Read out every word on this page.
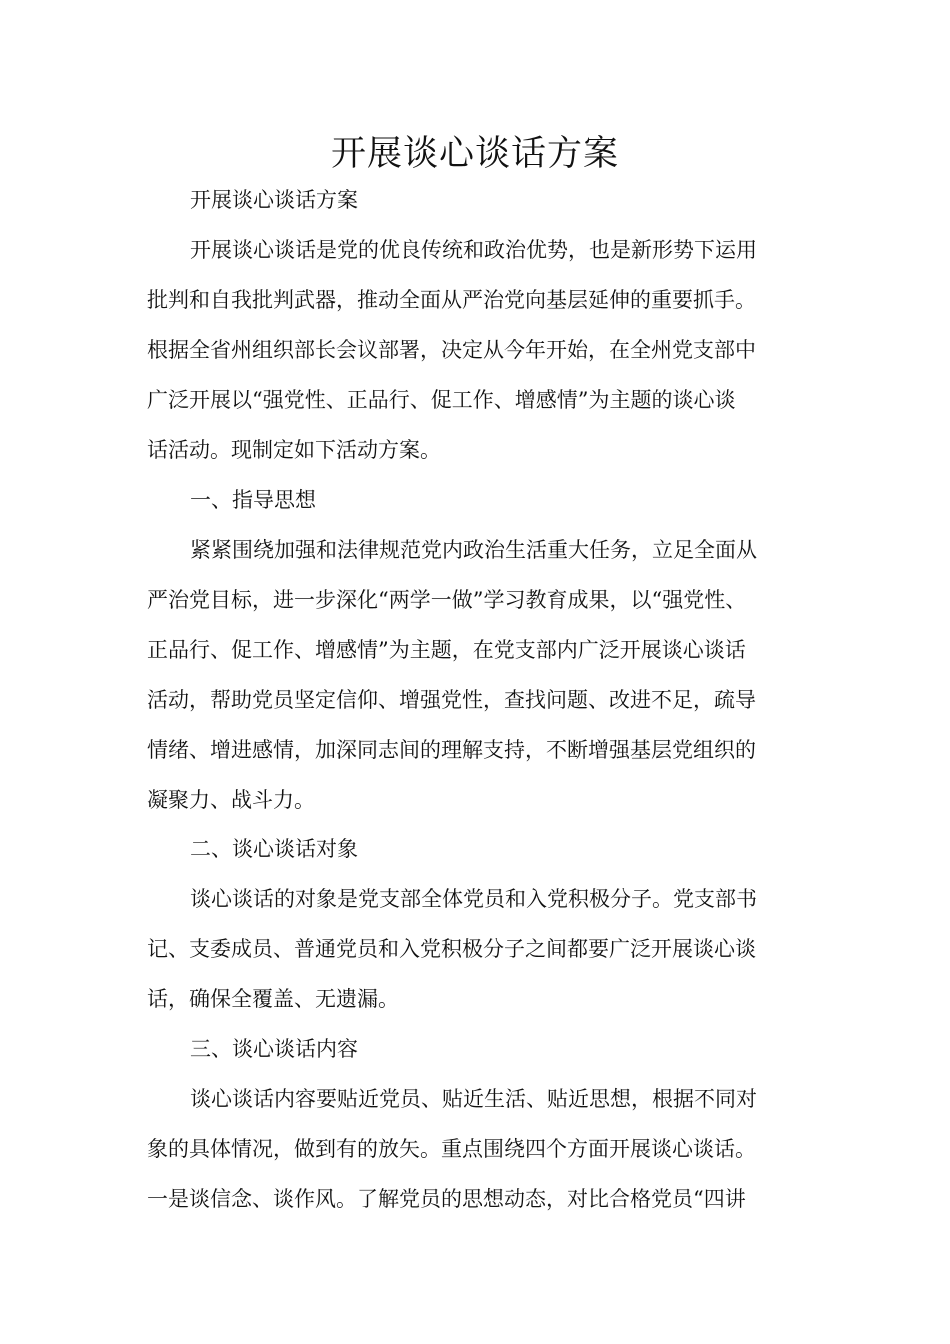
开展谈心谈话方案

开展谈心谈话方案

开展谈心谈话是党的优良传统和政治优势，也是新形势下运用

批判和自我批判武器，推动全面从严治党向基层延伸的重要抓手。

根据全省州组织部长会议部署，决定从今年开始，在全州党支部中

广泛开展以“强党性、正品行、促工作、增感情”为主题的谈心谈

话活动。现制定如下活动方案。

一、指导思想

紧紧围绕加强和法律规范党内政治生活重大任务，立足全面从

严治党目标，进一步深化“两学一做”学习教育成果，以“强党性、

正品行、促工作、增感情”为主题，在党支部内广泛开展谈心谈话

活动，帮助党员坚定信仰、增强党性，查找问题、改进不足，疏导

情绪、增进感情，加深同志间的理解支持，不断增强基层党组织的

凝聚力、战斗力。

二、谈心谈话对象

谈心谈话的对象是党支部全体党员和入党积极分子。党支部书

记、支委成员、普通党员和入党积极分子之间都要广泛开展谈心谈

话，确保全覆盖、无遗漏。

三、谈心谈话内容

谈心谈话内容要贴近党员、贴近生活、贴近思想，根据不同对

象的具体情况，做到有的放矢。重点围绕四个方面开展谈心谈话。

一是谈信念、谈作风。了解党员的思想动态，对比合格党员“四讲
